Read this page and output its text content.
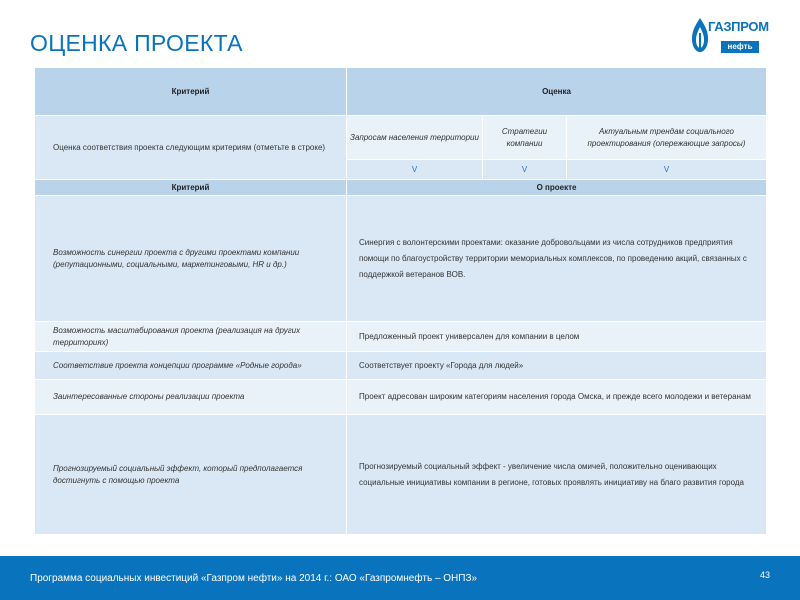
ОЦЕНКА ПРОЕКТА
ГАЗПРОМ
нефть
Критерий	Оценка		
Оценка соответствия проекта следующим критериям (отметьте в строке)	Запросам населения территории	Стратегии компании	Актуальным трендам социального проектирования (опережающие запросы)
	V	V	V
Критерий	О проекте		
Возможность синергии проекта с другими проектами компании (репутационными, социальными, маркетинговыми, HR и др.)	Синергия с волонтерскими проектами: оказание добровольцами из числа сотрудников предприятия помощи по благоустройству территории мемориальных комплексов, по проведению акций, связанных с поддержкой ветеранов ВОВ.		
Возможность масштабирования проекта (реализация на других территориях)	Предложенный проект универсален для компании в целом		
Соответствие проекта концепции программе «Родные города»	Соответствует проекту «Города для людей»		
Заинтересованные стороны реализации проекта	Проект адресован широким категориям населения города Омска, и прежде всего молодежи и ветеранам		
Прогнозируемый социальный эффект, который предполагается достигнуть с помощью проекта	Прогнозируемый социальный эффект - увеличение числа омичей, положительно оценивающих социальные инициативы компании в регионе, готовых проявлять инициативу на благо развития города		
Программа социальных инвестиций «Газпром нефти» на 2014 г.: ОАО «Газпромнефть – ОНПЗ»	43
